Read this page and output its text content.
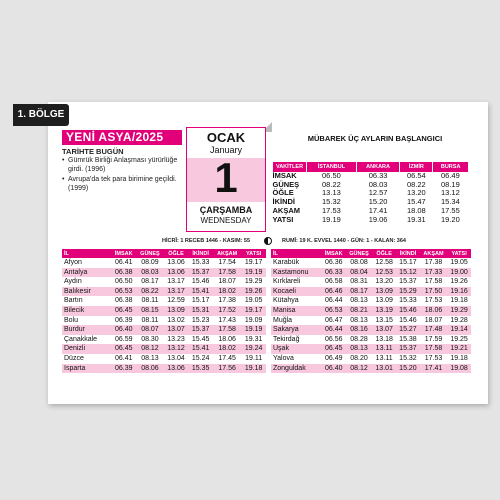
1. BÖLGE
YENİ ASYA/2025
TARİHTE BUGÜN
• Gümrük Birliği Anlaşması yürürlüğe girdi. (1996)
• Avrupa'da tek para birimine geçildi. (1999)
OCAK
January
1
ÇARŞAMBA
WEDNESDAY
MÜBAREK ÜÇ AYLARIN BAŞLANGICI
VAKİTLER	İSTANBUL	ANKARA	İZMİR	BURSA
İMSAK	06.50	06.33	06.54	06.49
GÜNEŞ	08.22	08.03	08.22	08.19
ÖĞLE	13.13	12.57	13.20	13.12
İKİNDİ	15.32	15.20	15.47	15.34
AKŞAM	17.53	17.41	18.08	17.55
YATSI	19.19	19.06	19.31	19.20
HİCRÎ: 1 RECEB 1446 - KASIM: 55	RUMÎ: 19 K. EVVEL 1440 - GÜN: 1 - KALAN: 364
İL	İMSAK	GÜNEŞ	ÖĞLE	İKİNDİ	AKŞAM	YATSI
Afyon	06.41	08.09	13.06	15.33	17.54	19.17
Antalya	06.38	08.03	13.06	15.37	17.58	19.19
Aydın	06.50	08.17	13.17	15.46	18.07	19.29
Balıkesir	06.53	08.22	13.17	15.41	18.02	19.26
Bartın	06.38	08.11	12.59	15.17	17.38	19.05
Bilecik	06.45	08.15	13.09	15.31	17.52	19.17
Bolu	06.39	08.11	13.02	15.23	17.43	19.09
Burdur	06.40	08.07	13.07	15.37	17.58	19.19
Çanakkale	06.59	08.30	13.23	15.45	18.06	19.31
Denizli	06.45	08.12	13.12	15.41	18.02	19.24
Düzce	06.41	08.13	13.04	15.24	17.45	19.11
Isparta	06.39	08.06	13.06	15.35	17.56	19.18
İL	İMSAK	GÜNEŞ	ÖĞLE	İKİNDİ	AKŞAM	YATSI
Karabük	06.36	08.08	12.58	15.17	17.38	19.05
Kastamonu	06.33	08.04	12.53	15.12	17.33	19.00
Kırklareli	06.58	08.31	13.20	15.37	17.58	19.26
Kocaeli	06.46	08.17	13.09	15.29	17.50	19.16
Kütahya	06.44	08.13	13.09	15.33	17.53	19.18
Manisa	06.53	08.21	13.19	15.46	18.06	19.29
Muğla	06.47	08.13	13.15	15.46	18.07	19.28
Sakarya	06.44	08.16	13.07	15.27	17.48	19.14
Tekirdağ	06.56	08.28	13.18	15.38	17.59	19.25
Uşak	06.45	08.13	13.11	15.37	17.58	19.21
Yalova	06.49	08.20	13.11	15.32	17.53	19.18
Zonguldak	06.40	08.12	13.01	15.20	17.41	19.08
